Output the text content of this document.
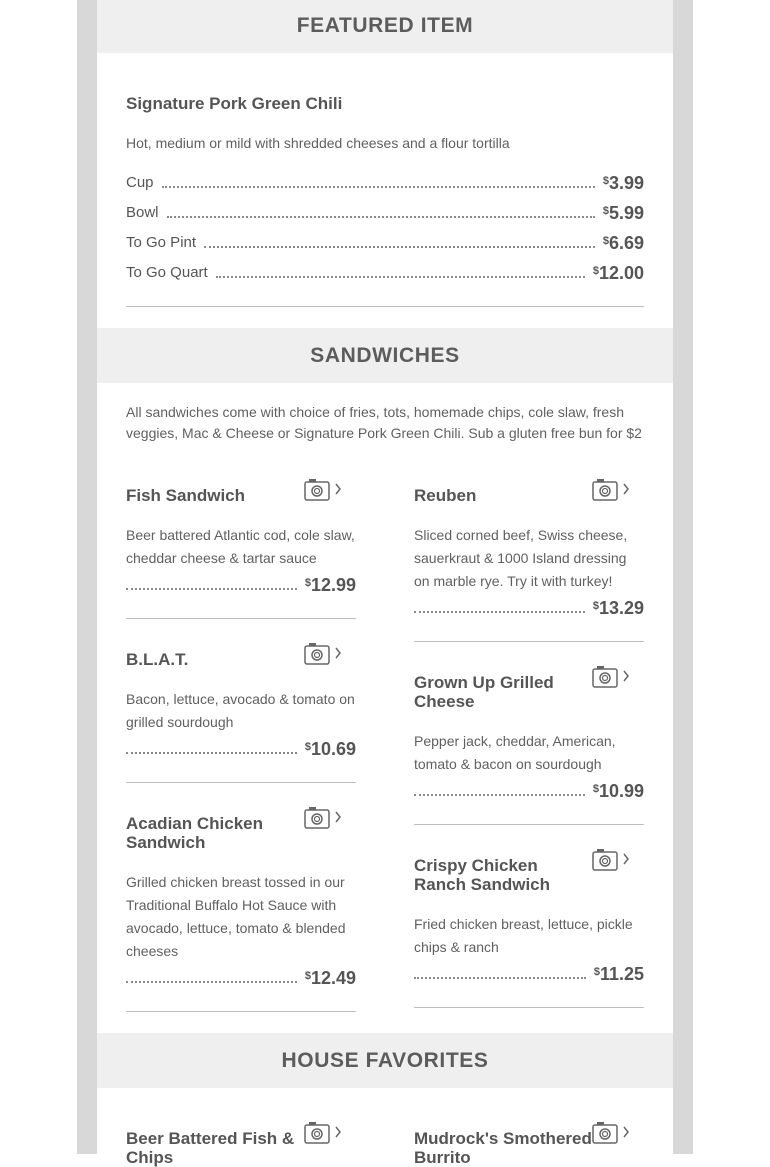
FEATURED ITEM
Signature Pork Green Chili
Hot, medium or mild with shredded cheeses and a flour tortilla
Cup	$3.99
Bowl	$5.99
To Go Pint	$6.69
To Go Quart	$12.00
SANDWICHES
All sandwiches come with choice of fries, tots, homemade chips, cole slaw, fresh veggies, Mac & Cheese or Signature Pork Green Chili. Sub a gluten free bun for $2
Fish Sandwich
Beer battered Atlantic cod, cole slaw, cheddar cheese & tartar sauce
$12.99
Reuben
Sliced corned beef, Swiss cheese, sauerkraut & 1000 Island dressing on marble rye. Try it with turkey!
$13.29
B.L.A.T.
Bacon, lettuce, avocado & tomato on grilled sourdough
$10.69
Grown Up Grilled Cheese
Pepper jack, cheddar, American, tomato & bacon on sourdough
$10.99
Acadian Chicken Sandwich
Grilled chicken breast tossed in our Traditional Buffalo Hot Sauce with avocado, lettuce, tomato & blended cheeses
$12.49
Crispy Chicken Ranch Sandwich
Fried chicken breast, lettuce, pickle chips & ranch
$11.25
HOUSE FAVORITES
Beer Battered Fish & Chips
Mudrock's Smothered Burrito
